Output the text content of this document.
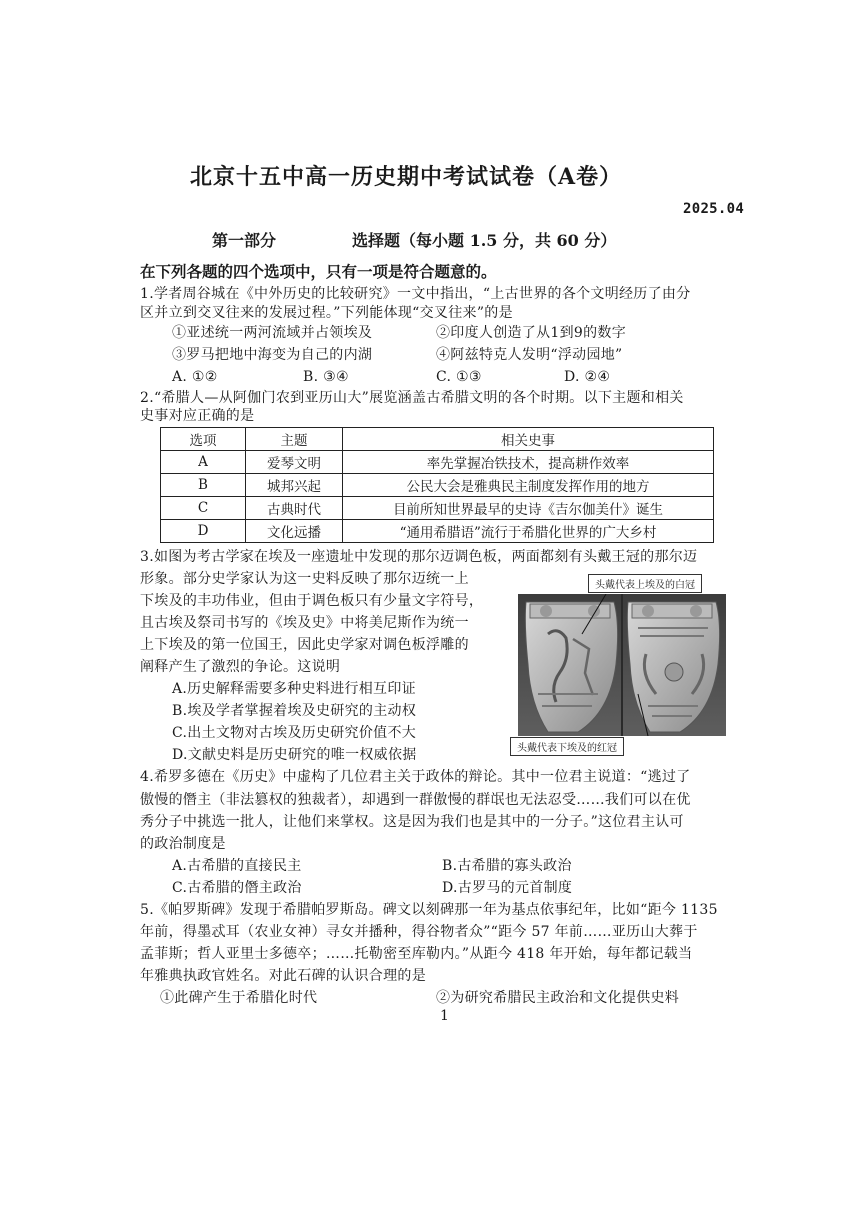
北京十五中高一历史期中考试试卷（A卷）
2025.04
第一部分	选择题（每小题 1.5 分，共 60 分）
在下列各题的四个选项中，只有一项是符合题意的。
1.学者周谷城在《中外历史的比较研究》一文中指出，“上古世界的各个文明经历了由分
区并立到交叉往来的发展过程。”下列能体现“交叉往来”的是
①亚述统一两河流域并占领埃及	②印度人创造了从1到9的数字
③罗马把地中海变为自己的内湖	④阿兹特克人发明“浮动园地”
A. ①②	B. ③④	C. ①③	D. ②④
2.“希腊人—从阿伽门农到亚历山大”展览涵盖古希腊文明的各个时期。以下主题和相关
史事对应正确的是
选项	主题	相关史事
A	爱琴文明	率先掌握冶铁技术，提高耕作效率
B	城邦兴起	公民大会是雅典民主制度发挥作用的地方
C	古典时代	目前所知世界最早的史诗《吉尔伽美什》诞生
D	文化远播	“通用希腊语”流行于希腊化世界的广大乡村
3.如图为考古学家在埃及一座遗址中发现的那尔迈调色板，两面都刻有头戴王冠的那尔迈
形象。部分史学家认为这一史料反映了那尔迈统一上
下埃及的丰功伟业，但由于调色板只有少量文字符号，
且古埃及祭司书写的《埃及史》中将美尼斯作为统一
上下埃及的第一位国王，因此史学家对调色板浮雕的
阐释产生了激烈的争论。这说明
A.历史解释需要多种史料进行相互印证
B.埃及学者掌握着埃及史研究的主动权
C.出土文物对古埃及历史研究价值不大
D.文献史料是历史研究的唯一权威依据
头戴代表上埃及的白冠
头戴代表下埃及的红冠
4.希罗多德在《历史》中虚构了几位君主关于政体的辩论。其中一位君主说道：“逃过了
傲慢的僭主（非法篡权的独裁者），却遇到一群傲慢的群氓也无法忍受……我们可以在优
秀分子中挑选一批人，让他们来掌权。这是因为我们也是其中的一分子。”这位君主认可
的政治制度是
A.古希腊的直接民主	B.古希腊的寡头政治
C.古希腊的僭主政治	D.古罗马的元首制度
5.《帕罗斯碑》发现于希腊帕罗斯岛。碑文以刻碑那一年为基点依事纪年，比如“距今 1135
年前，得墨忒耳（农业女神）寻女并播种，得谷物者众”“距今 57 年前……亚历山大葬于
孟菲斯；哲人亚里士多德卒；……托勒密至库勒内。”从距今 418 年开始，每年都记载当
年雅典执政官姓名。对此石碑的认识合理的是
①此碑产生于希腊化时代	②为研究希腊民主政治和文化提供史料
1
